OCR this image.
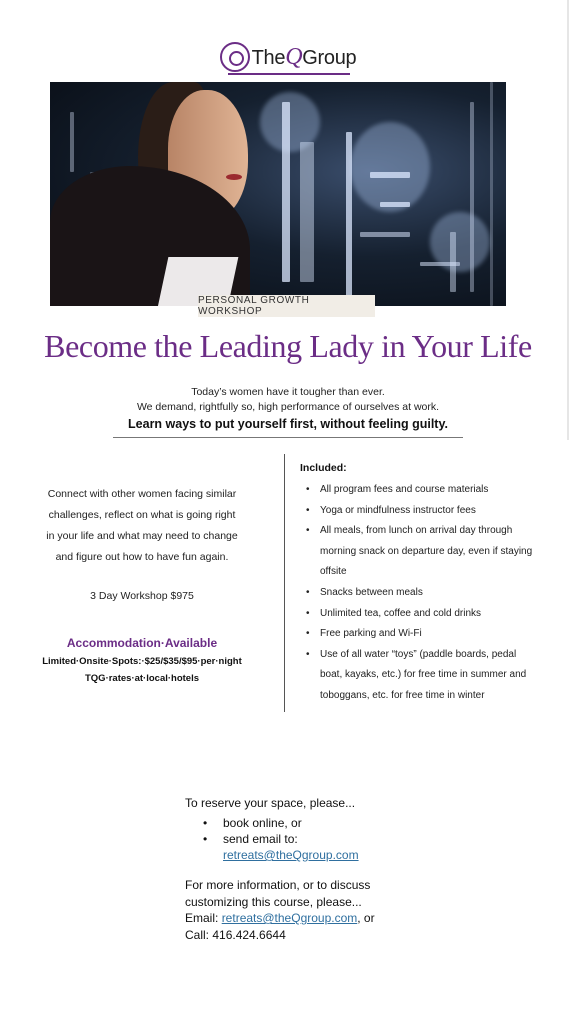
TheQGroup
PERSONAL GROWTH WORKSHOP
Become the Leading Lady in Your Life
Today’s women have it tougher than ever.
We demand, rightfully so, high performance of ourselves at work.
Learn ways to put yourself first, without feeling guilty.
Connect with other women facing similar
challenges, reflect on what is going right
in your life and what may need to change
and figure out how to have fun again.
3 Day Workshop $975
Accommodation·Available
Limited·Onsite·Spots:·$25/$35/$95·per·night
TQG·rates·at·local·hotels
Included:
• All program fees and course materials
• Yoga or mindfulness instructor fees
• All meals, from lunch on arrival day through morning snack on departure day, even if staying offsite
• Snacks between meals
• Unlimited tea, coffee and cold drinks
• Free parking and Wi-Fi
• Use of all water “toys” (paddle boards, pedal boat, kayaks, etc.) for free time in summer and toboggans, etc. for free time in winter

To reserve your space, please...

• book online, or
• send email to:
retreats@theQgroup.com

For more information, or to discuss

customizing this course, please...

Email: retreats@theQgroup.com, or

Call: 416.424.6644
